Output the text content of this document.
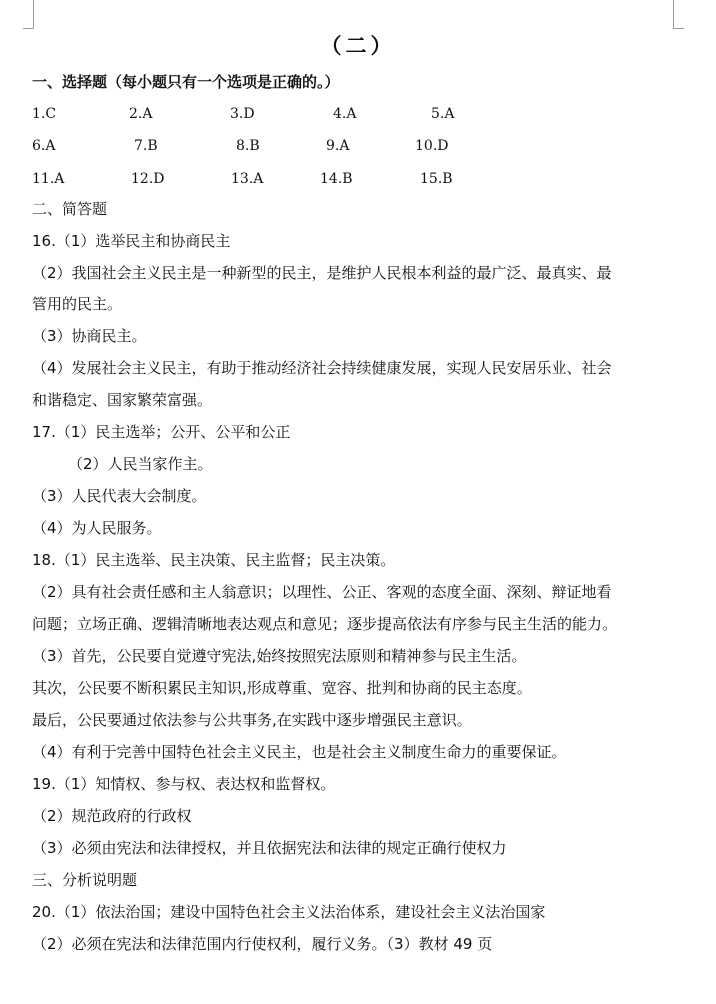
（二）
一、选择题（每小题只有一个选项是正确的。）
1.C	2.A	3.D	4.A	5.A
6.A	7.B	8.B	9.A	10.D
11.A	12.D	13.A	14.B	15.B
二、简答题
16.（1）选举民主和协商民主
（2）我国社会主义民主是一种新型的民主，是维护人民根本利益的最广泛、最真实、最
管用的民主。
（3）协商民主。
（4）发展社会主义民主，有助于推动经济社会持续健康发展，实现人民安居乐业、社会
和谐稳定、国家繁荣富强。
17.（1）民主选举；公开、公平和公正
（2）人民当家作主。
（3）人民代表大会制度。
（4）为人民服务。
18.（1）民主选举、民主决策、民主监督；民主决策。
（2）具有社会责任感和主人翁意识；以理性、公正、客观的态度全面、深刻、辩证地看
问题；立场正确、逻辑清晰地表达观点和意见；逐步提高依法有序参与民主生活的能力。
（3）首先，公民要自觉遵守宪法,始终按照宪法原则和精神参与民主生活。
其次，公民要不断积累民主知识,形成尊重、宽容、批判和协商的民主态度。
最后，公民要通过依法参与公共事务,在实践中逐步增强民主意识。
（4）有利于完善中国特色社会主义民主，也是社会主义制度生命力的重要保证。
19.（1）知情权、参与权、表达权和监督权。
（2）规范政府的行政权
（3）必须由宪法和法律授权，并且依据宪法和法律的规定正确行使权力
三、分析说明题
20.（1）依法治国；建设中国特色社会主义法治体系，建设社会主义法治国家
（2）必须在宪法和法律范围内行使权利，履行义务。（3）教材 49 页
